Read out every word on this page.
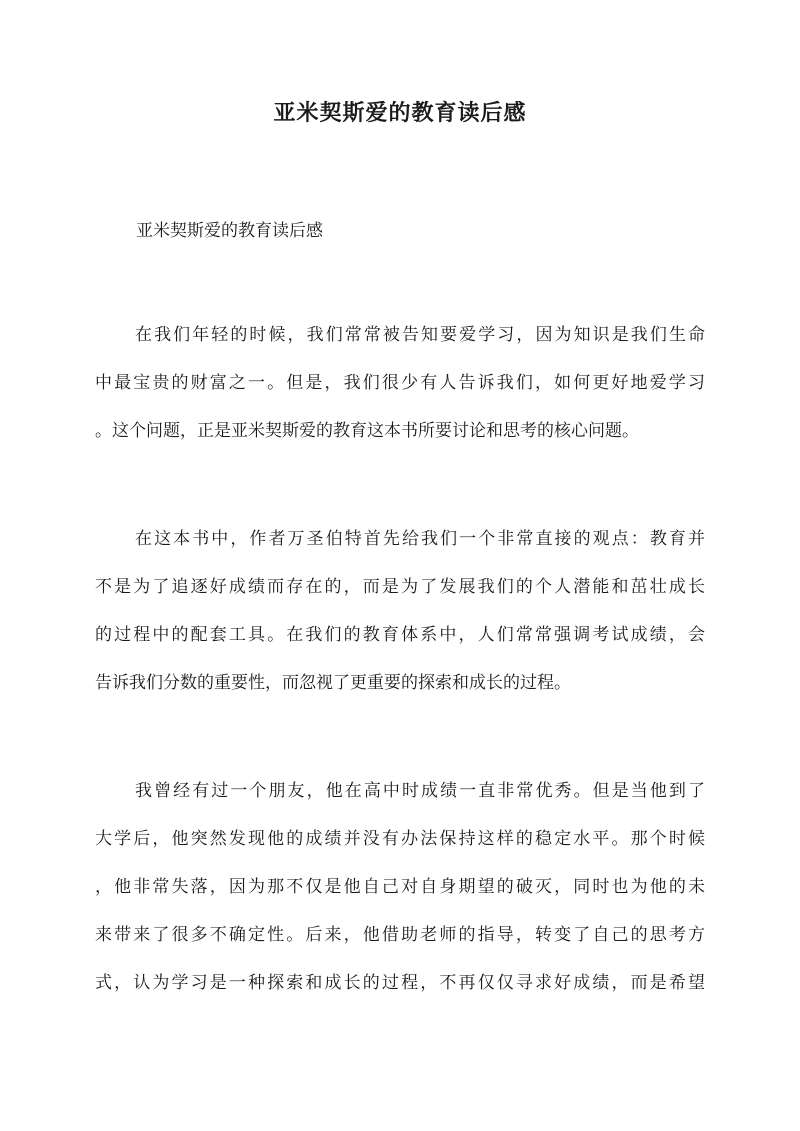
亚米契斯爱的教育读后感

亚米契斯爱的教育读后感

在我们年轻的时候，我们常常被告知要爱学习，因为知识是我们生命
中最宝贵的财富之一。但是，我们很少有人告诉我们，如何更好地爱学习
。这个问题，正是亚米契斯爱的教育这本书所要讨论和思考的核心问题。
在这本书中，作者万圣伯特首先给我们一个非常直接的观点：教育并
不是为了追逐好成绩而存在的，而是为了发展我们的个人潜能和茁壮成长
的过程中的配套工具。在我们的教育体系中，人们常常强调考试成绩，会
告诉我们分数的重要性，而忽视了更重要的探索和成长的过程。
我曾经有过一个朋友，他在高中时成绩一直非常优秀。但是当他到了
大学后，他突然发现他的成绩并没有办法保持这样的稳定水平。那个时候
，他非常失落，因为那不仅是他自己对自身期望的破灭，同时也为他的未
来带来了很多不确定性。后来，他借助老师的指导，转变了自己的思考方
式，认为学习是一种探索和成长的过程，不再仅仅寻求好成绩，而是希望
